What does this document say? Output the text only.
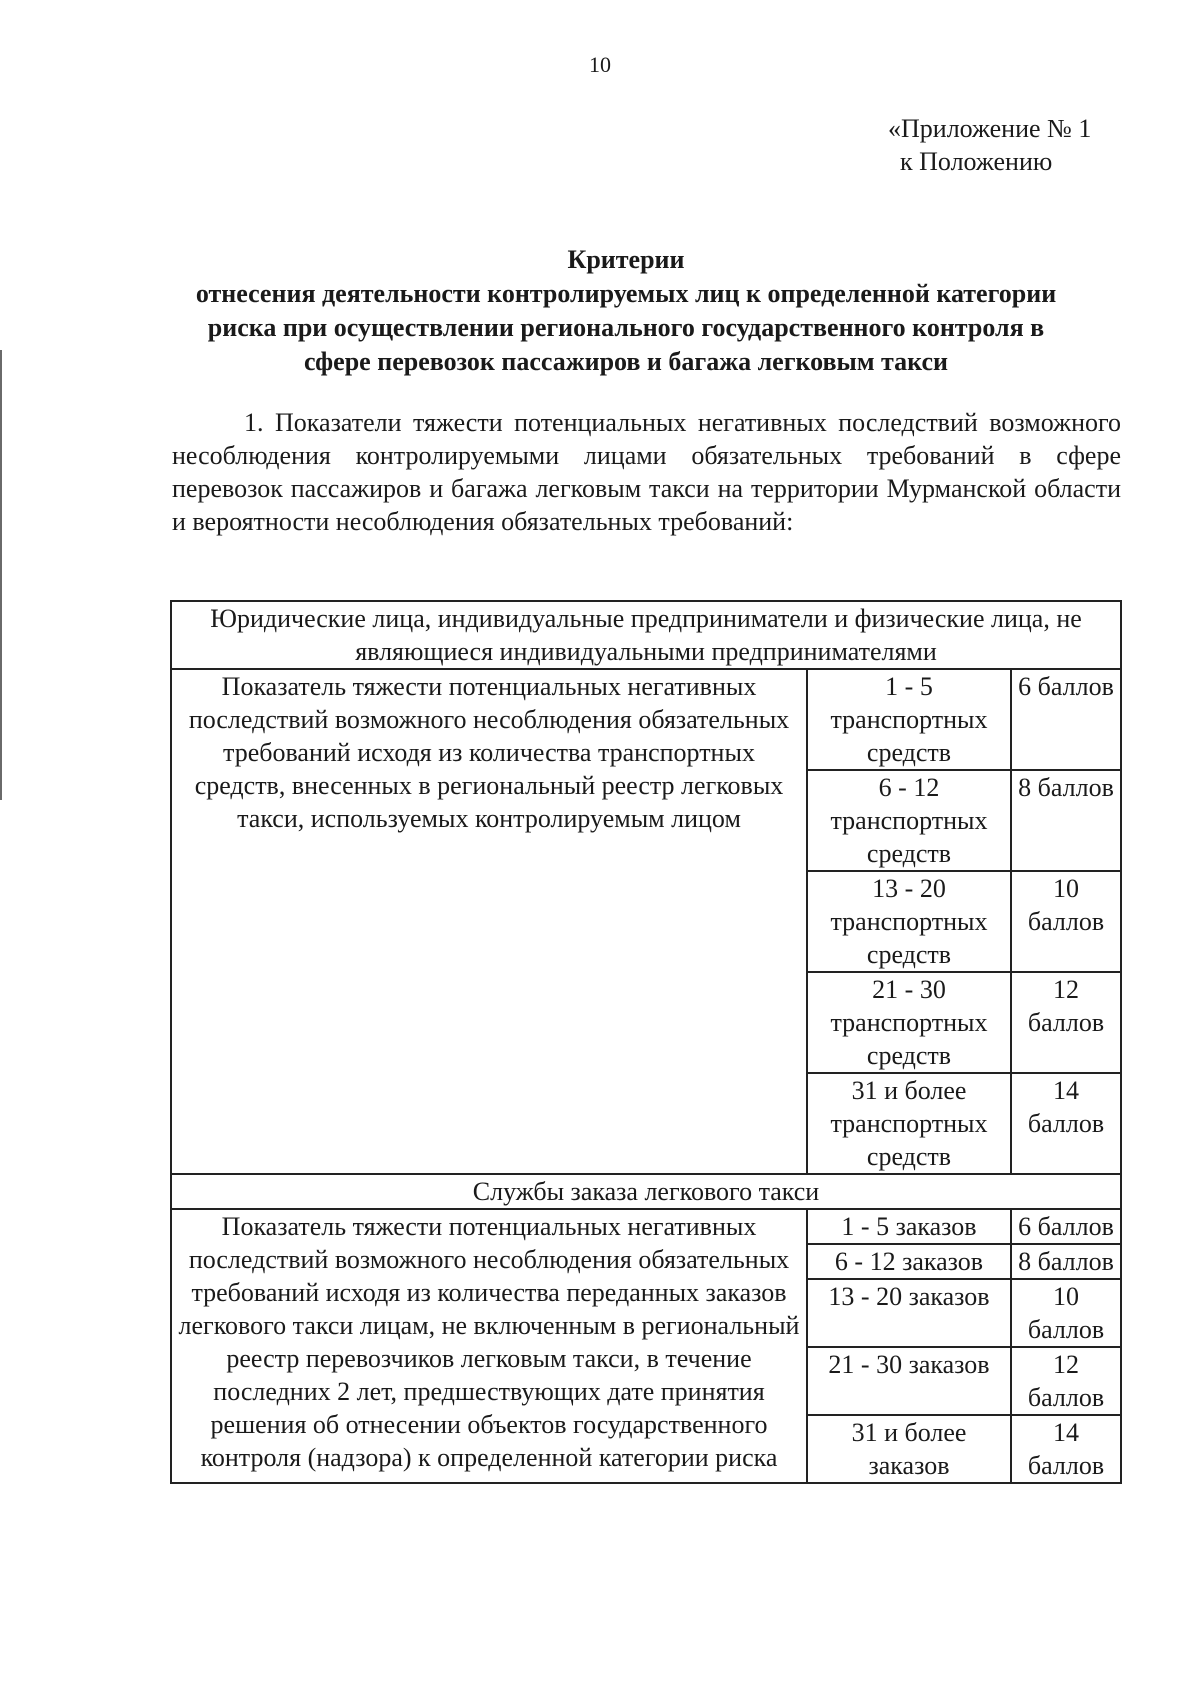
10
«Приложение № 1
к Положению
Критерии
отнесения деятельности контролируемых лиц к определенной категории
риска при осуществлении регионального государственного контроля в
сфере перевозок пассажиров и багажа легковым такси
1. Показатели тяжести потенциальных негативных последствий возможного несоблюдения контролируемыми лицами обязательных требований в сфере перевозок пассажиров и багажа легковым такси на территории Мурманской области и вероятности несоблюдения обязательных требований:
Юридические лица, индивидуальные предприниматели и физические лица, не являющиеся индивидуальными предпринимателями		
Показатель тяжести потенциальных негативных последствий возможного несоблюдения обязательных требований исходя из количества транспортных средств, внесенных в региональный реестр легковых такси, используемых контролируемым лицом	1 - 5 транспортных средств	6 баллов
	6 - 12 транспортных средств	8 баллов
	13 - 20 транспортных средств	10 баллов
	21 - 30 транспортных средств	12 баллов
	31 и более транспортных средств	14 баллов
Службы заказа легкового такси		
Показатель тяжести потенциальных негативных последствий возможного несоблюдения обязательных требований исходя из количества переданных заказов легкового такси лицам, не включенным в региональный реестр перевозчиков легковым такси, в течение последних 2 лет, предшествующих дате принятия решения об отнесении объектов государственного контроля (надзора) к определенной категории риска	1 - 5 заказов	6 баллов
	6 - 12 заказов	8 баллов
	13 - 20 заказов	10 баллов
	21 - 30 заказов	12 баллов
	31 и более заказов	14 баллов
